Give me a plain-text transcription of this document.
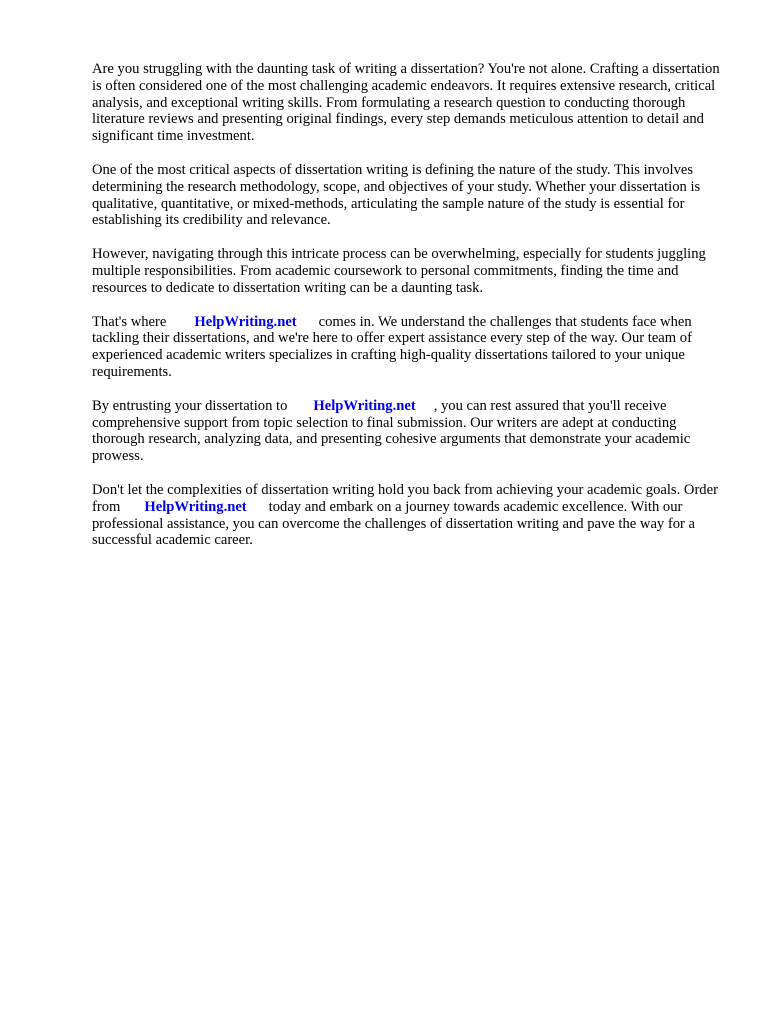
Are you struggling with the daunting task of writing a dissertation? You're not alone. Crafting a dissertation is often considered one of the most challenging academic endeavors. It requires extensive research, critical analysis, and exceptional writing skills. From formulating a research question to conducting thorough literature reviews and presenting original findings, every step demands meticulous attention to detail and significant time investment.

One of the most critical aspects of dissertation writing is defining the nature of the study. This involves determining the research methodology, scope, and objectives of your study. Whether your dissertation is qualitative, quantitative, or mixed-methods, articulating the sample nature of the study is essential for establishing its credibility and relevance.

However, navigating through this intricate process can be overwhelming, especially for students juggling multiple responsibilities. From academic coursework to personal commitments, finding the time and resources to dedicate to dissertation writing can be a daunting task.

That's where HelpWriting.net comes in. We understand the challenges that students face when tackling their dissertations, and we're here to offer expert assistance every step of the way. Our team of experienced academic writers specializes in crafting high-quality dissertations tailored to your unique requirements.

By entrusting your dissertation to HelpWriting.net , you can rest assured that you'll receive comprehensive support from topic selection to final submission. Our writers are adept at conducting thorough research, analyzing data, and presenting cohesive arguments that demonstrate your academic prowess.

Don't let the complexities of dissertation writing hold you back from achieving your academic goals. Order from HelpWriting.net today and embark on a journey towards academic excellence. With our professional assistance, you can overcome the challenges of dissertation writing and pave the way for a successful academic career.
